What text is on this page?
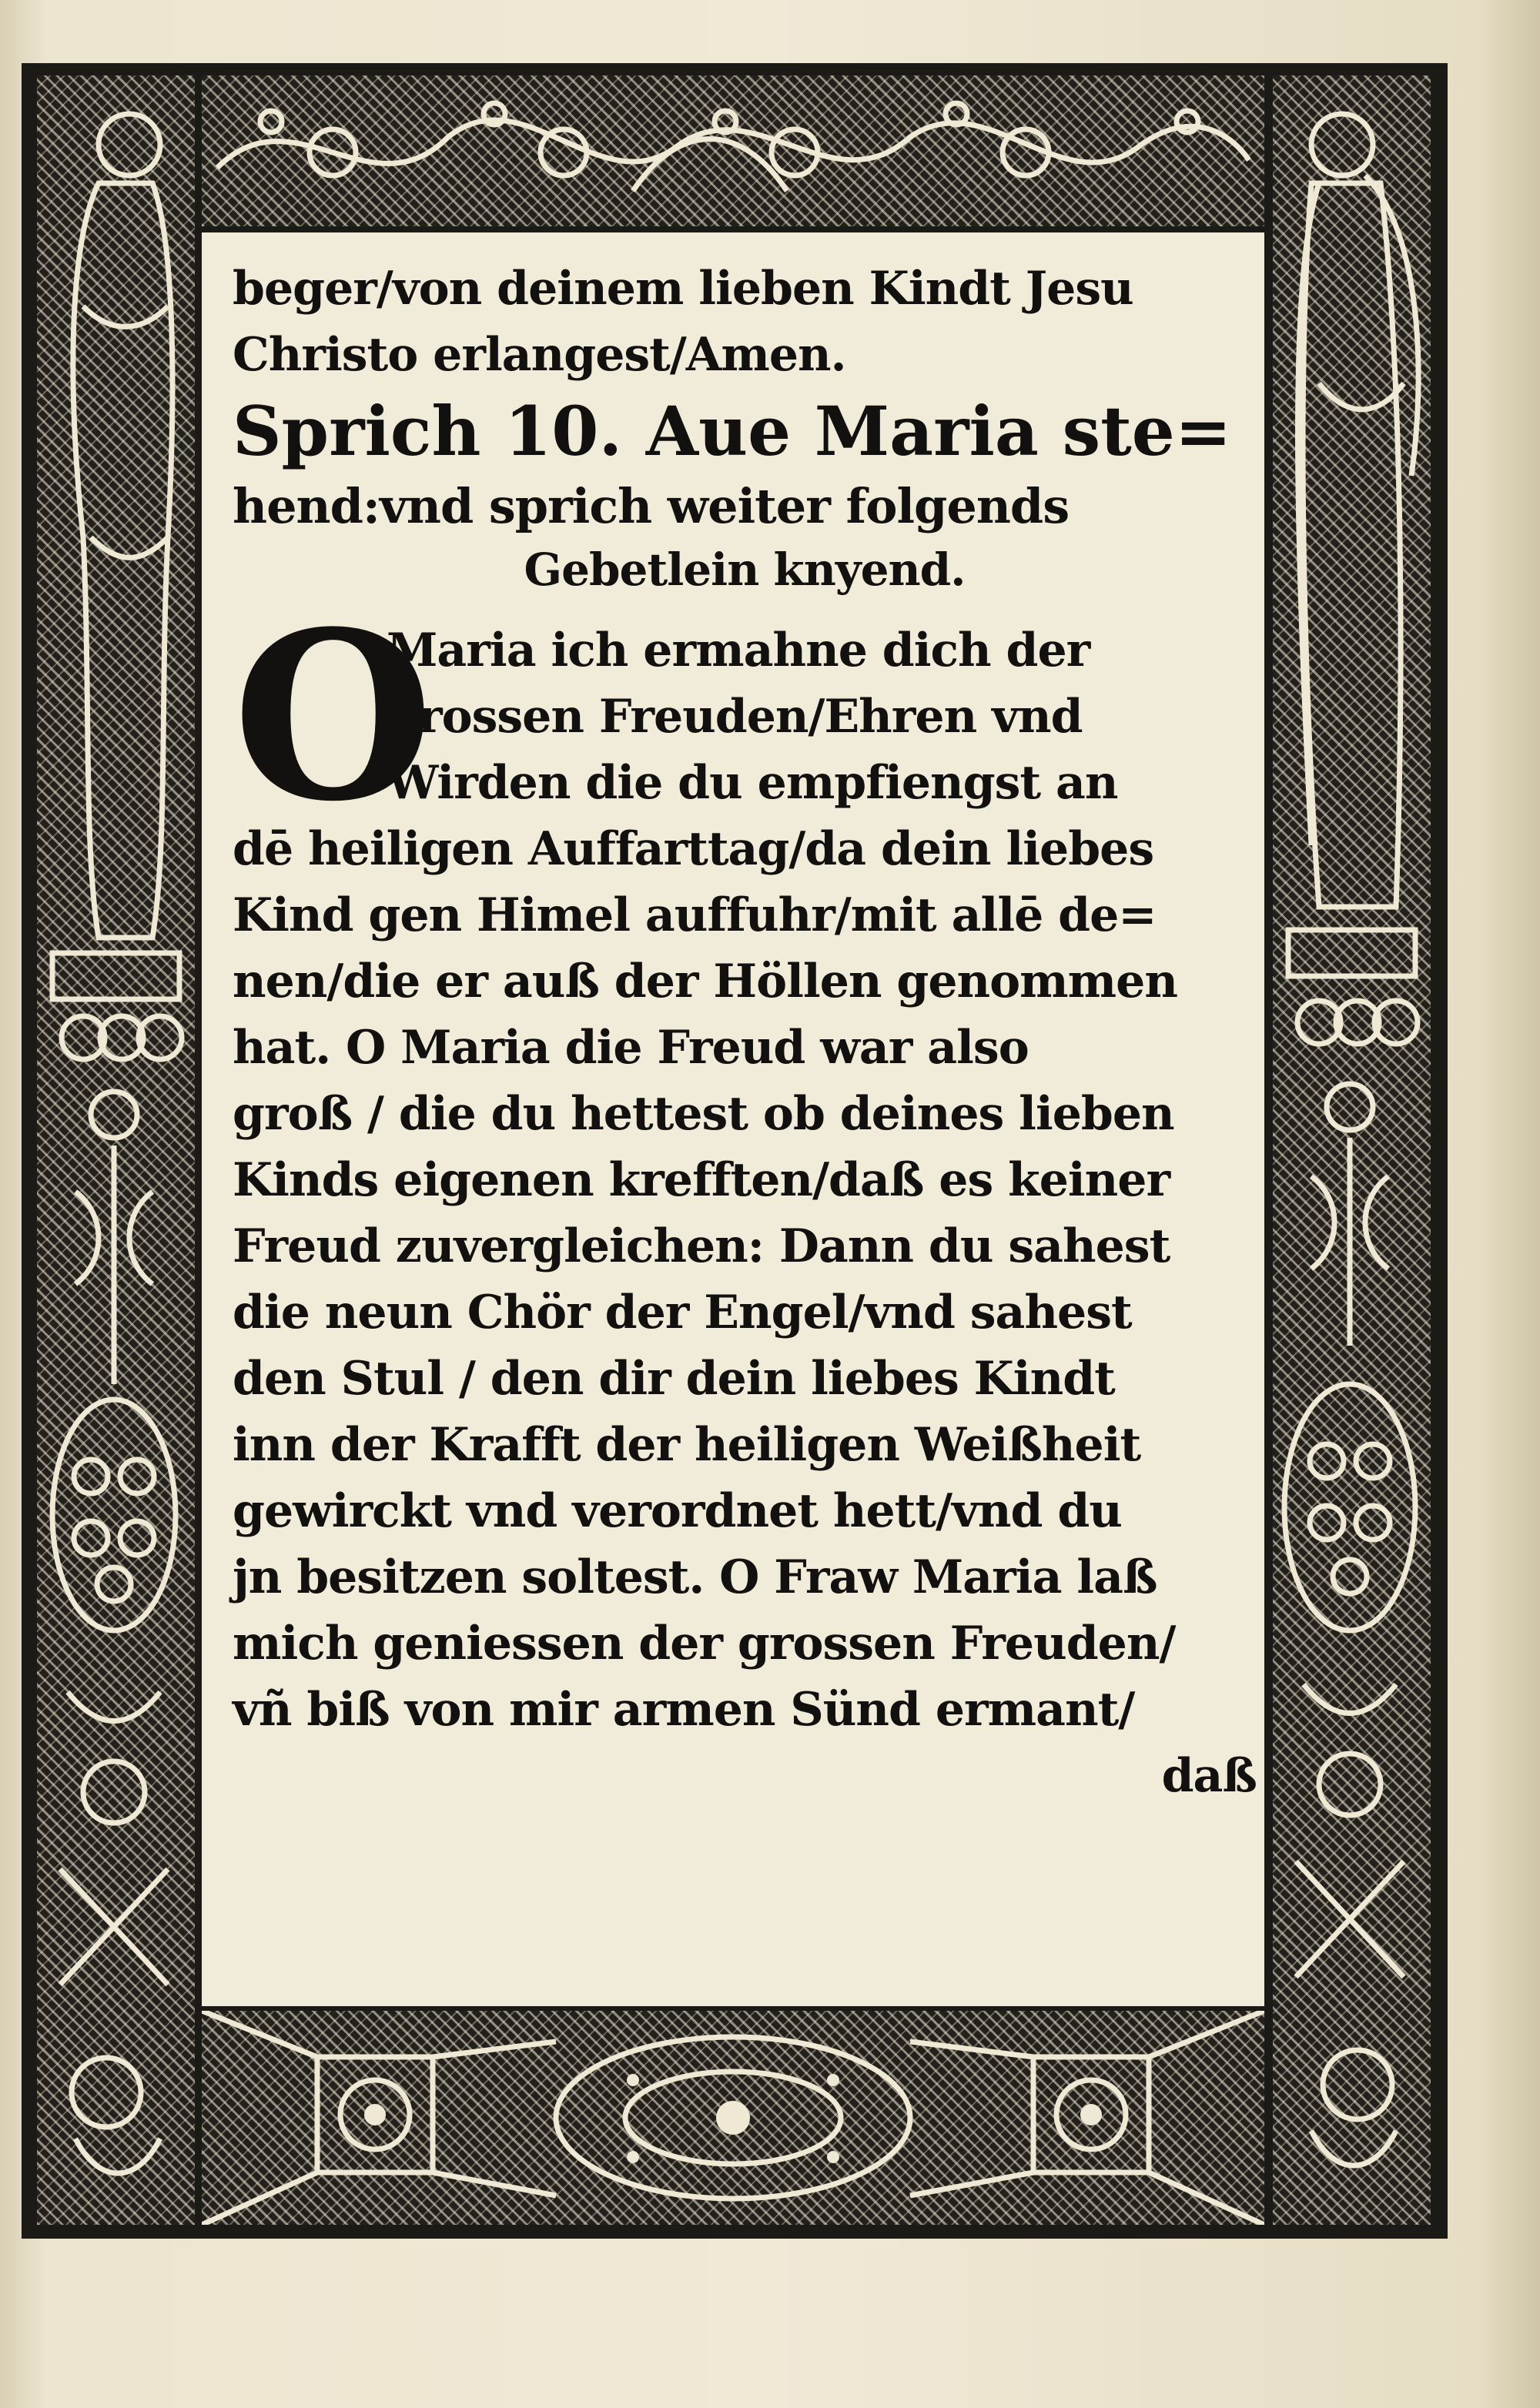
beger/von deinem lieben Kindt Jesu
Christo erlangest/Amen.
Sprich 10. Aue Maria ste=
hend:vnd sprich weiter folgends
Gebetlein knyend.
O
Maria ich ermahne dich der
grossen Freuden/Ehren vnd
Wirden die du empfiengst an
dē heiligen Auffarttag/da dein liebes
Kind gen Himel auffuhr/mit allē de=
nen/die er auß der Höllen genommen
hat. O Maria die Freud war also
groß / die du hettest ob deines lieben
Kinds eigenen krefften/daß es keiner
Freud zuvergleichen: Dann du sahest
die neun Chör der Engel/vnd sahest
den Stul / den dir dein liebes Kindt
inn der Krafft der heiligen Weißheit
gewirckt vnd verordnet hett/vnd du
jn besitzen soltest. O Fraw Maria laß
mich geniessen der grossen Freuden/
vñ biß von mir armen Sünd ermant/
daß
